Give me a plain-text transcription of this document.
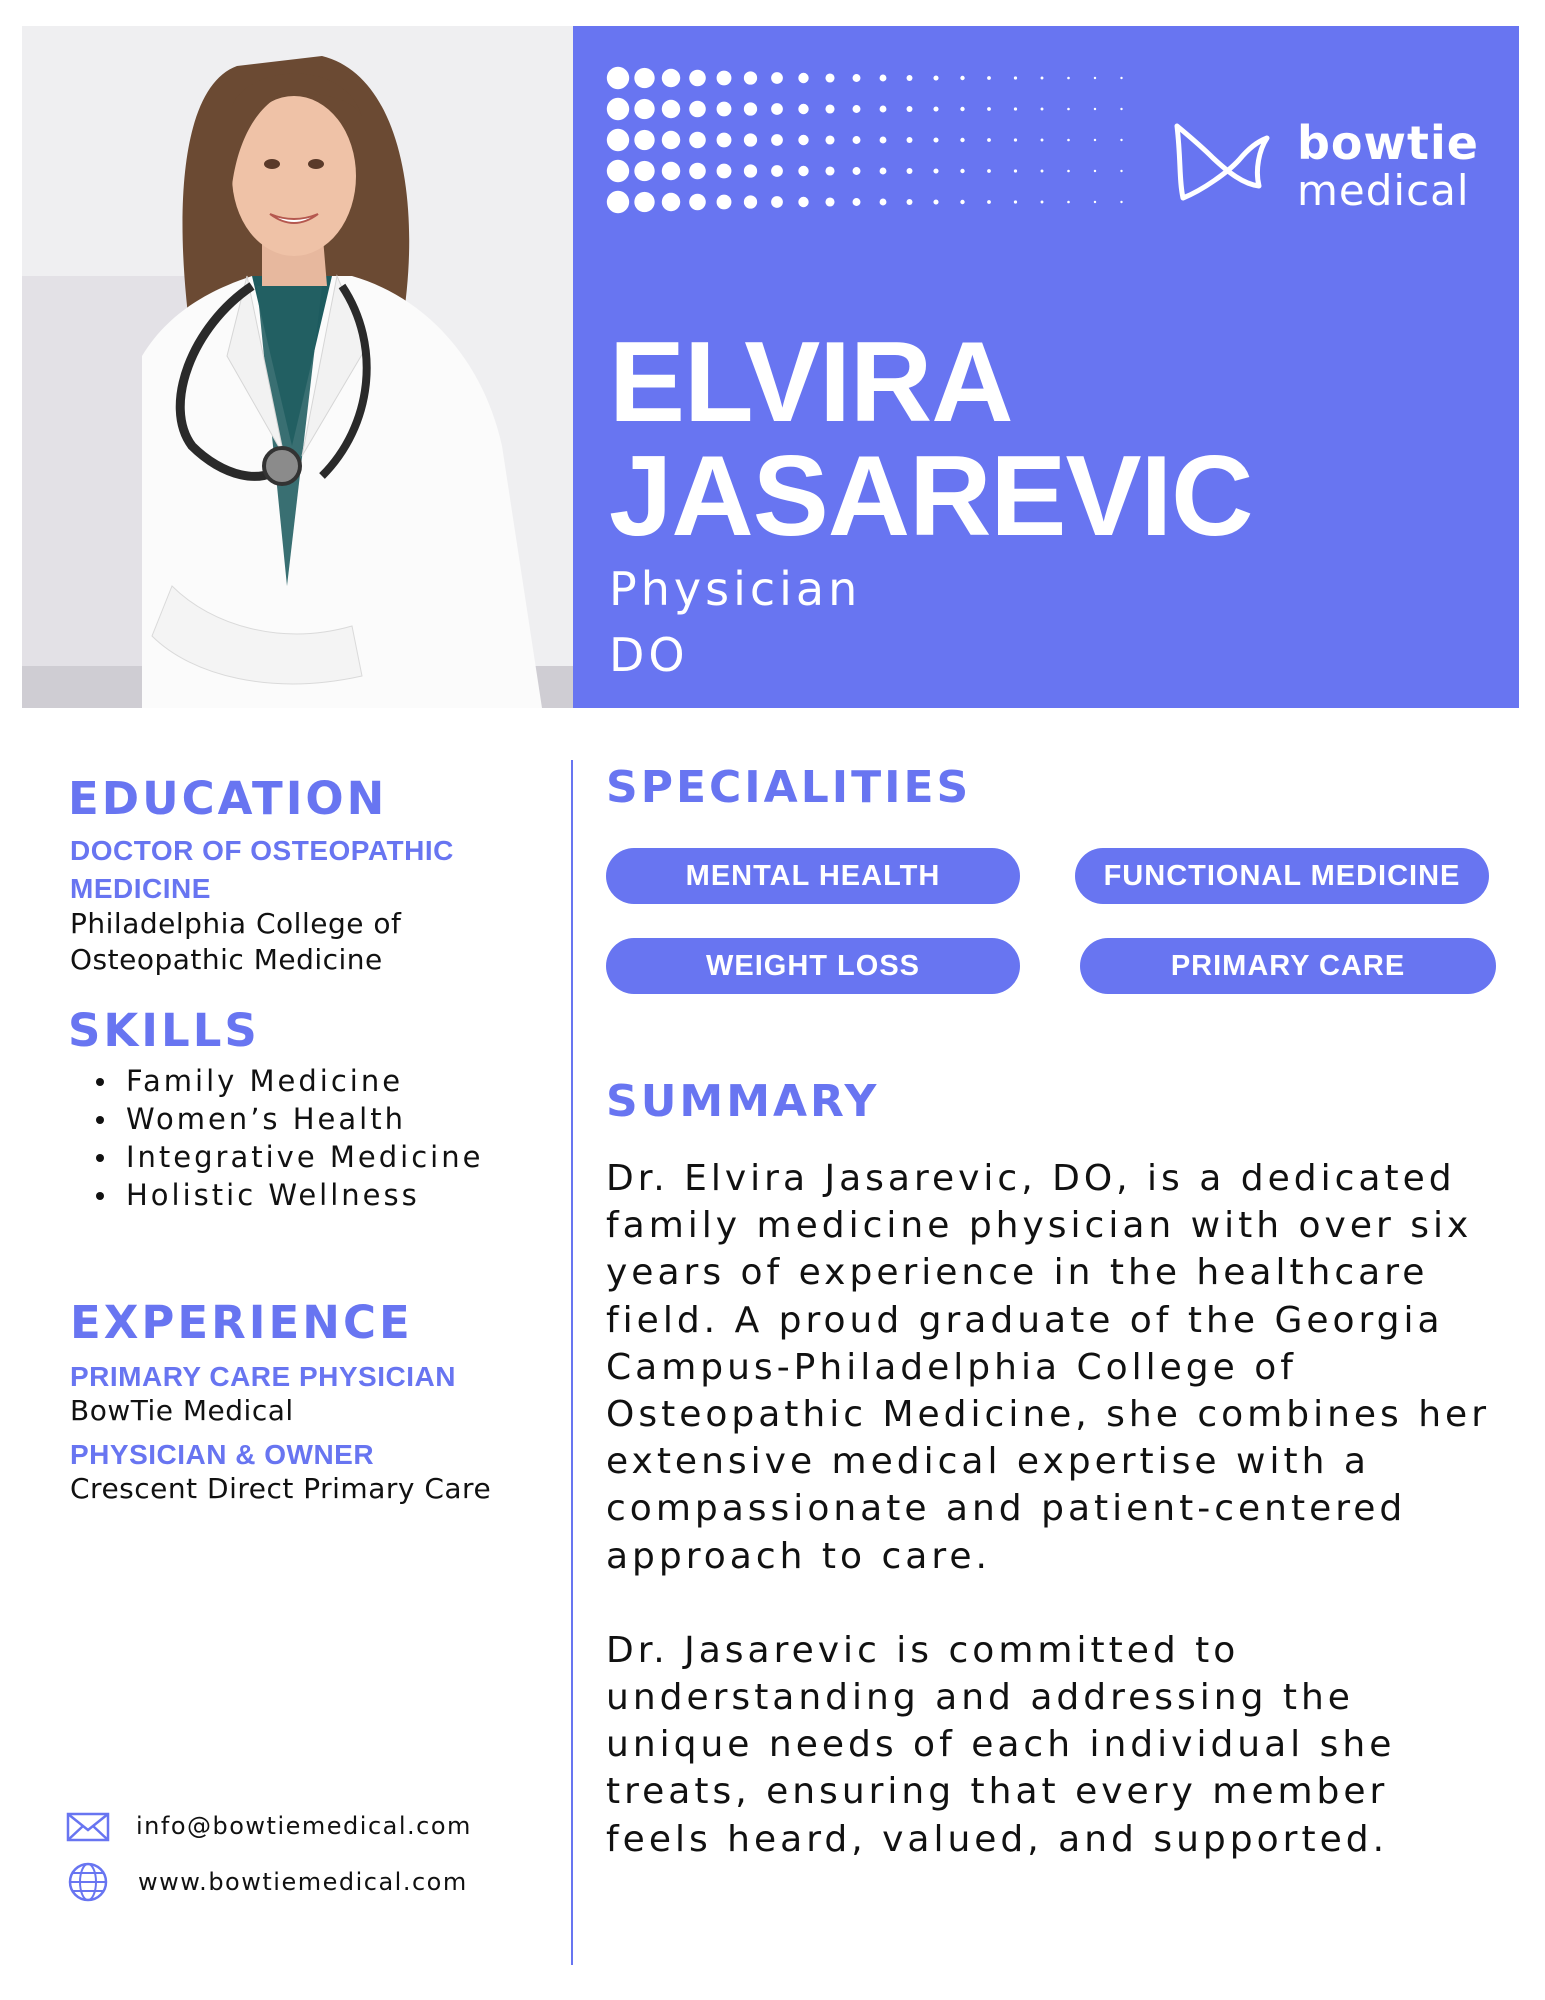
bowtie
medical
ELVIRA
JASAREVIC
Physician
DO
EDUCATION
DOCTOR OF OSTEOPATHIC MEDICINE
Philadelphia College of
Osteopathic Medicine
SKILLS
Family Medicine
Women’s Health
Integrative Medicine
Holistic Wellness
EXPERIENCE
PRIMARY CARE PHYSICIAN
BowTie Medical
PHYSICIAN & OWNER
Crescent Direct Primary Care
info@bowtiemedical.com
www.bowtiemedical.com
SPECIALITIES
MENTAL HEALTH	FUNCTIONAL MEDICINE
WEIGHT LOSS	PRIMARY CARE
SUMMARY

Dr. Elvira Jasarevic, DO, is a dedicated family medicine physician with over six years of experience in the healthcare field. A proud graduate of the Georgia Campus-Philadelphia College of Osteopathic Medicine, she combines her extensive medical expertise with a compassionate and patient-centered approach to care.

Dr. Jasarevic is committed to understanding and addressing the unique needs of each individual she treats, ensuring that every member feels heard, valued, and supported.
